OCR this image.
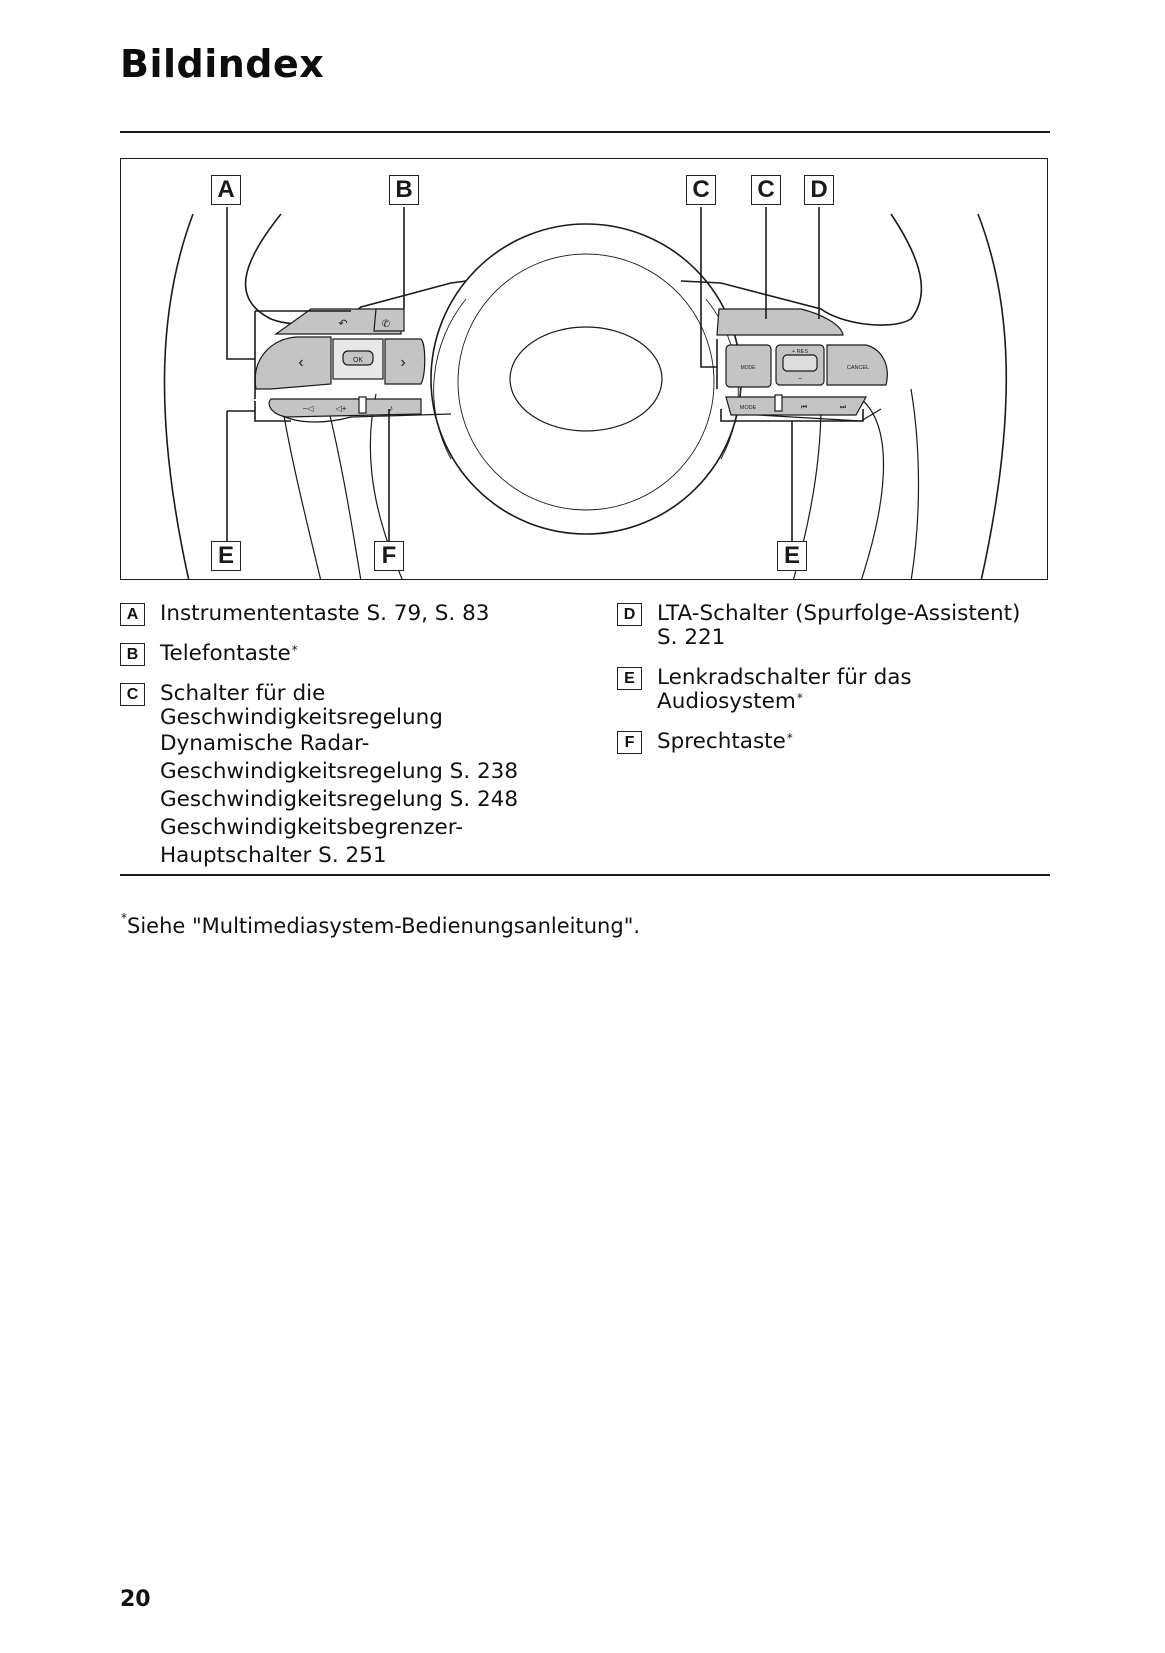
Bildindex
↶	✆
‹	OK ›
−◁	◁+	♪
MODE
+ RES
−
CANCEL
MODE	⏮	⏭
A	B	C C D
E	F	E
A	Instrumententaste S. 79, S. 83
B	Telefontaste*
C	Schalter für die
Geschwindigkeitsregelung
Dynamische Radar-
Geschwindigkeitsregelung S. 238
Geschwindigkeitsregelung S. 248
Geschwindigkeitsbegrenzer-
Hauptschalter S. 251
D	LTA-Schalter (Spurfolge-Assistent)
S. 221
E	Lenkradschalter für das
Audiosystem*
F	Sprechtaste*
*Siehe "Multimediasystem-Bedienungsanleitung".
20
